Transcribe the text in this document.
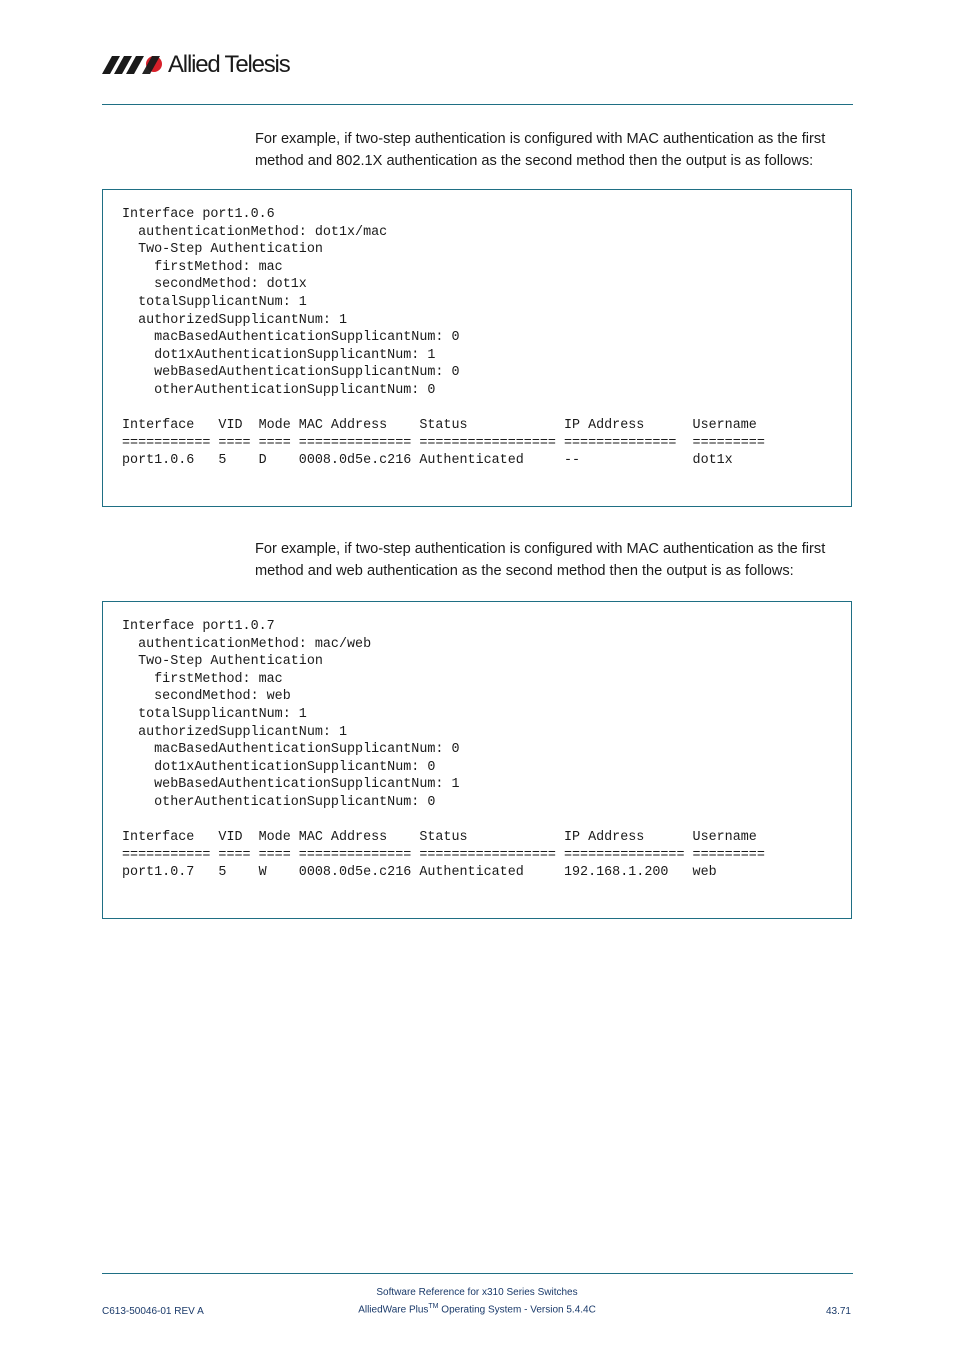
Allied Telesis

For example, if two-step authentication is configured with MAC authentication as the first method and 802.1X authentication as the second method then the output is as follows:

Interface port1.0.6
authenticationMethod: dot1x/mac
Two-Step Authentication
firstMethod: mac
secondMethod: dot1x
totalSupplicantNum: 1
authorizedSupplicantNum: 1
macBasedAuthenticationSupplicantNum: 0
dot1xAuthenticationSupplicantNum: 1
webBasedAuthenticationSupplicantNum: 0
otherAuthenticationSupplicantNum: 0

Interface   VID  Mode MAC Address    Status            IP Address      Username
=========== ==== ==== ============== ================= ==============  =========
port1.0.6   5    D    0008.0d5e.c216 Authenticated     --              dot1x

For example, if two-step authentication is configured with MAC authentication as the first method and web authentication as the second method then the output is as follows:

Interface port1.0.7
authenticationMethod: mac/web
Two-Step Authentication
firstMethod: mac
secondMethod: web
totalSupplicantNum: 1
authorizedSupplicantNum: 1
macBasedAuthenticationSupplicantNum: 0
dot1xAuthenticationSupplicantNum: 0
webBasedAuthenticationSupplicantNum: 1
otherAuthenticationSupplicantNum: 0

Interface   VID  Mode MAC Address    Status            IP Address      Username
=========== ==== ==== ============== ================= =============== =========
port1.0.7   5    W    0008.0d5e.c216 Authenticated     192.168.1.200   web
Software Reference for x310 Series Switches
C613-50046-01 REV A	AlliedWare Plus™ Operating System - Version 5.4.4C	43.71
